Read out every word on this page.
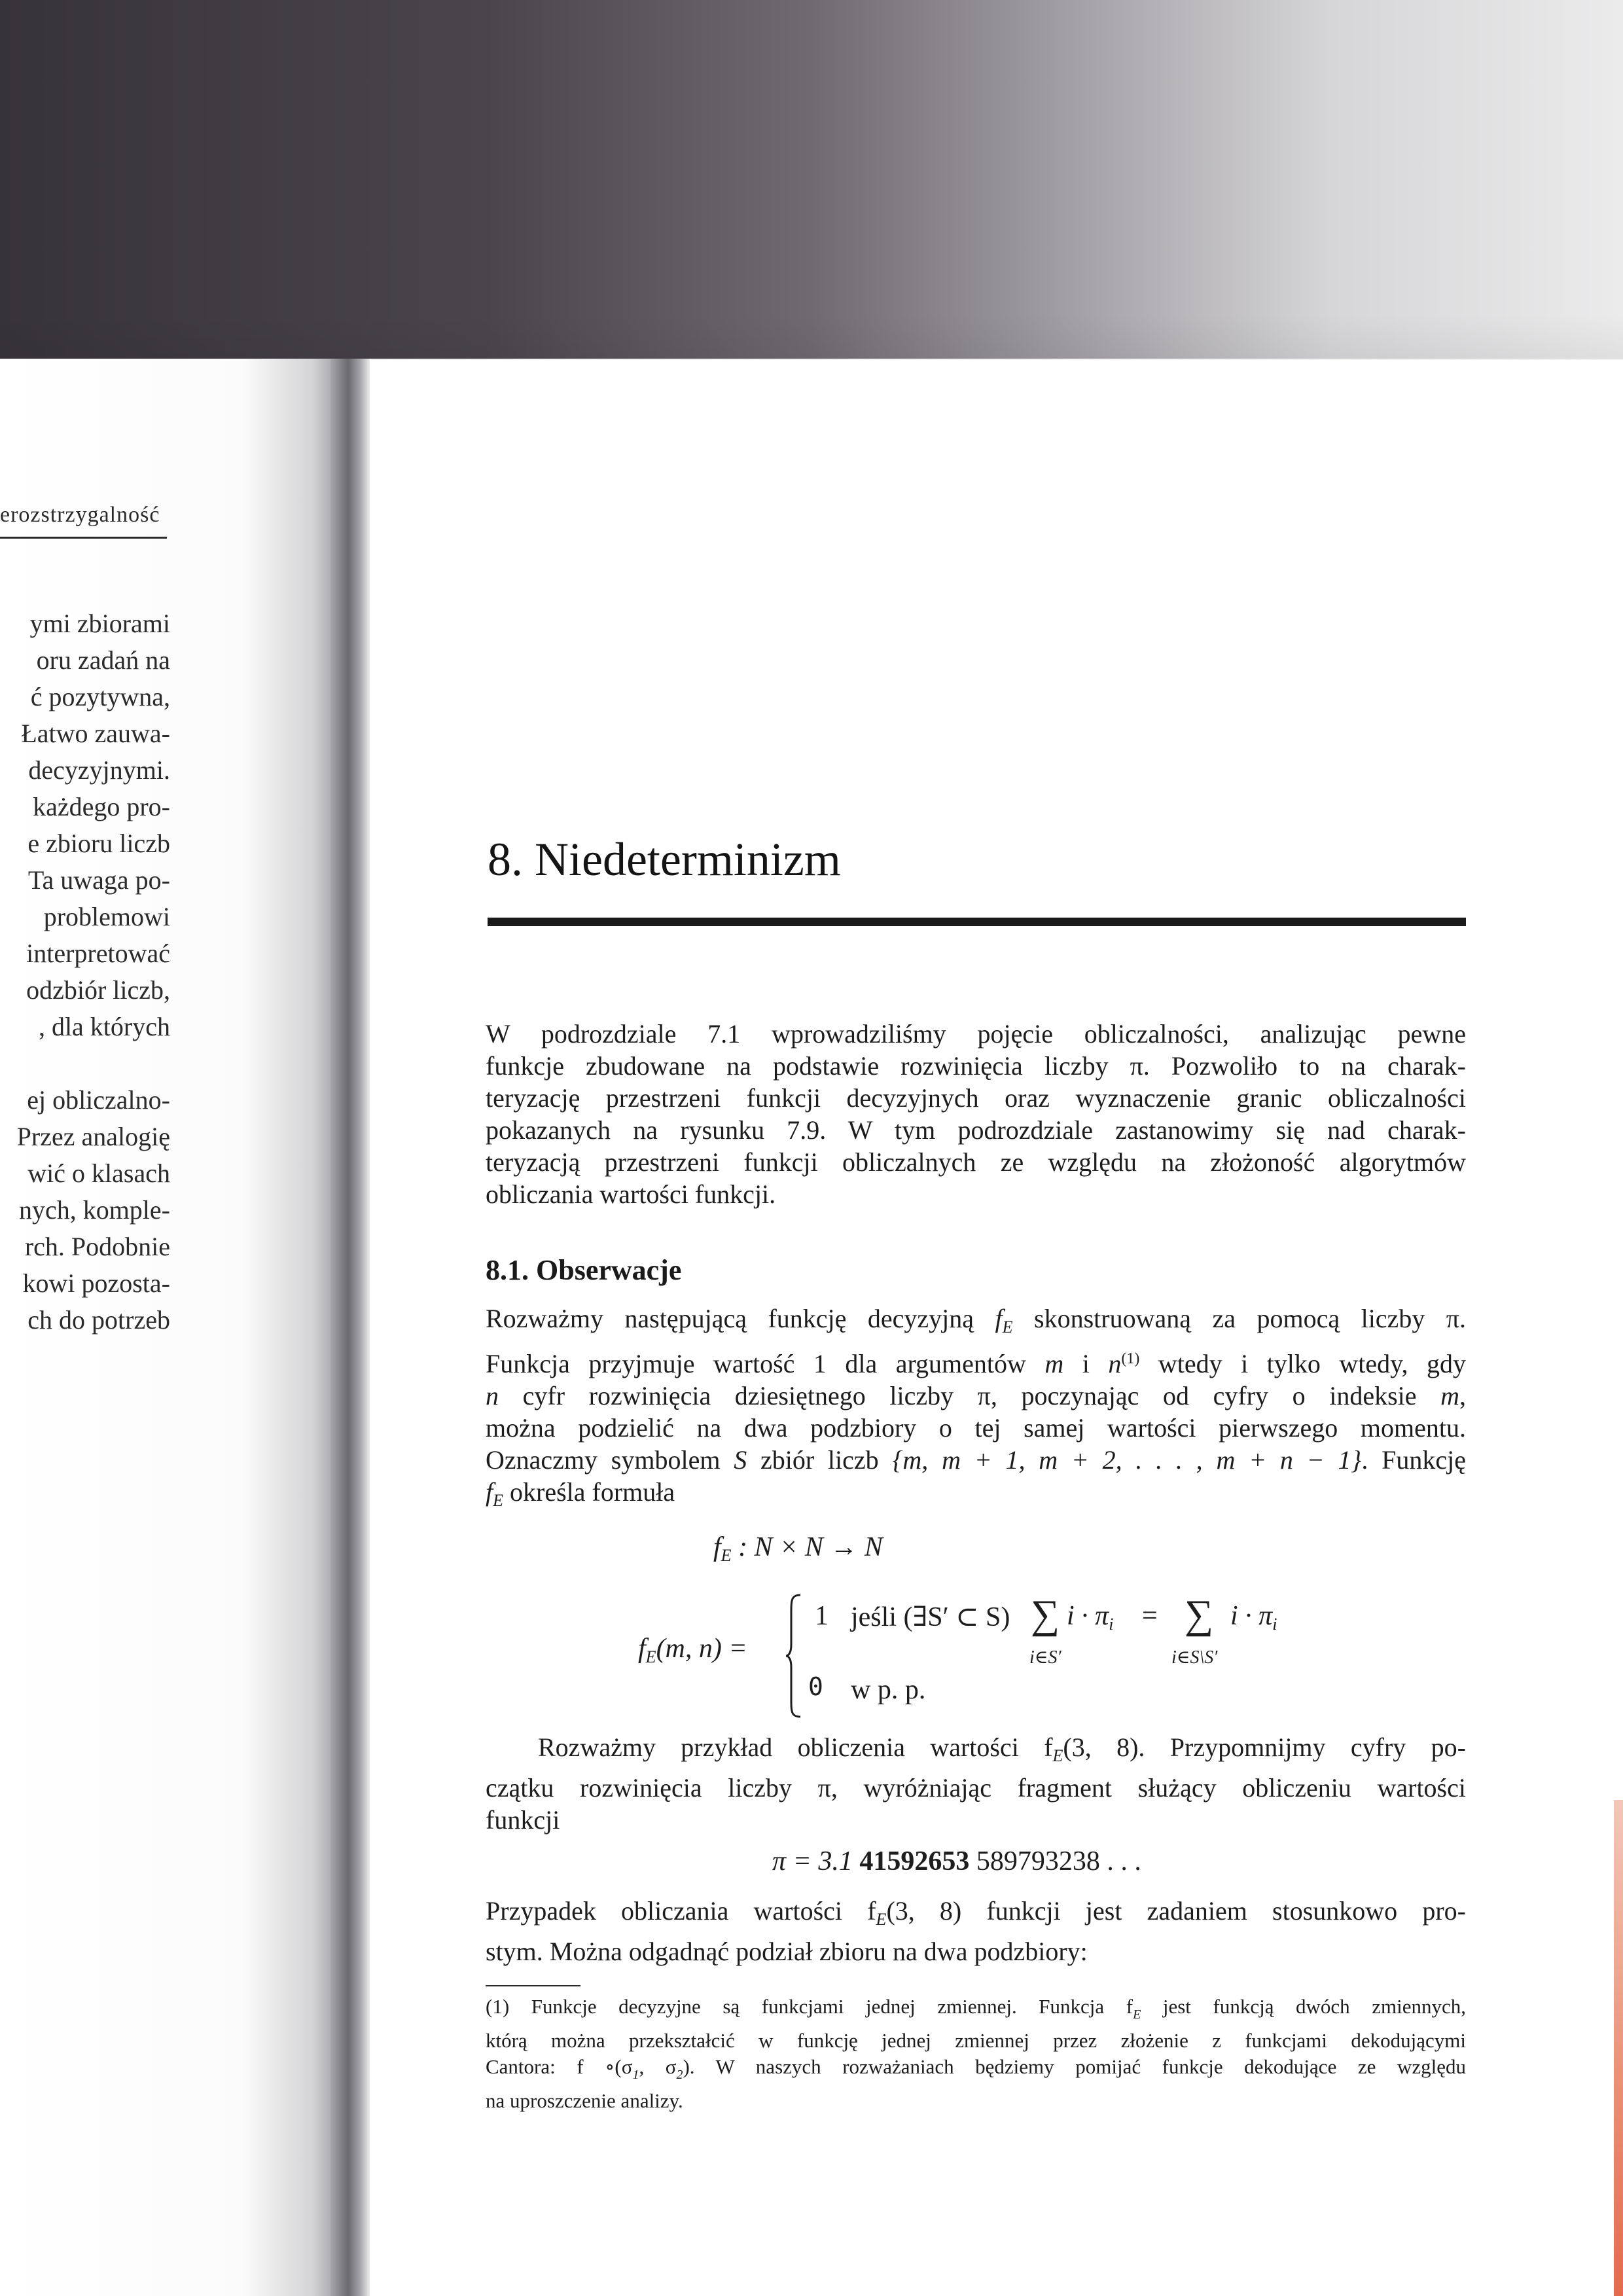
erozstrzygalność
ymi zbiorami
oru zadań na
ć pozytywna,
Łatwo zauwa-
decyzyjnymi.
każdego pro-
e zbioru liczb
Ta uwaga po-
problemowi
interpretować
odzbiór liczb,
, dla których

ej obliczalno-
Przez analogię
wić o klasach
nych, komple-
rch. Podobnie
kowi pozosta-
ch do potrzeb
8. Niedeterminizm

W podrozdziale 7.1 wprowadziliśmy pojęcie obliczalności, analizując pewne
funkcje zbudowane na podstawie rozwinięcia liczby π. Pozwoliło to na charak-
teryzację przestrzeni funkcji decyzyjnych oraz wyznaczenie granic obliczalności
pokazanych na rysunku 7.9. W tym podrozdziale zastanowimy się nad charak-
teryzacją przestrzeni funkcji obliczalnych ze względu na złożoność algorytmów
obliczania wartości funkcji.

8.1. Obserwacje

Rozważmy następującą funkcję decyzyjną $f_E$ skonstruowaną za pomocą liczby π.
Funkcja przyjmuje wartość 1 dla argumentów m i $n^{(1)}$ wtedy i tylko wtedy, gdy
n cyfr rozwinięcia dziesiętnego liczby π, poczynając od cyfry o indeksie m,
można podzielić na dwa podzbiory o tej samej wartości pierwszego momentu.
Oznaczmy symbolem S zbiór liczb {m, m + 1, m + 2, . . . , m + n − 1}. Funkcję
$f_E$ określa formuła

$f_E$ : N × N → N
$f_E(m$, n) =
1 jeśli (∃S′ ⊂ S) ∑ $i \cdot \pi_i$ = ∑ $i \cdot \pi_i$
i∈S′	i∈S\S′
0 w p. p.

Rozważmy przykład obliczenia wartości $f_E(3$, 8). Przypomnijmy cyfry po-
czątku rozwinięcia liczby π, wyróżniając fragment służący obliczeniu wartości
funkcji

π = 3.1 41592653 589793238 . . .

Przypadek obliczania wartości $f_E(3$, 8) funkcji jest zadaniem stosunkowo pro-
stym. Można odgadnąć podział zbioru na dwa podzbiory:

(1) Funkcje decyzyjne są funkcjami jednej zmiennej. Funkcja $f_E$ jest funkcją dwóch zmiennych,
którą można przekształcić w funkcję jednej zmiennej przez złożenie z funkcjami dekodującymi
Cantora: f $\circ(\sigma_1$, $\sigma_2$). W naszych rozważaniach będziemy pomijać funkcje dekodujące ze względu
na uproszczenie analizy.
